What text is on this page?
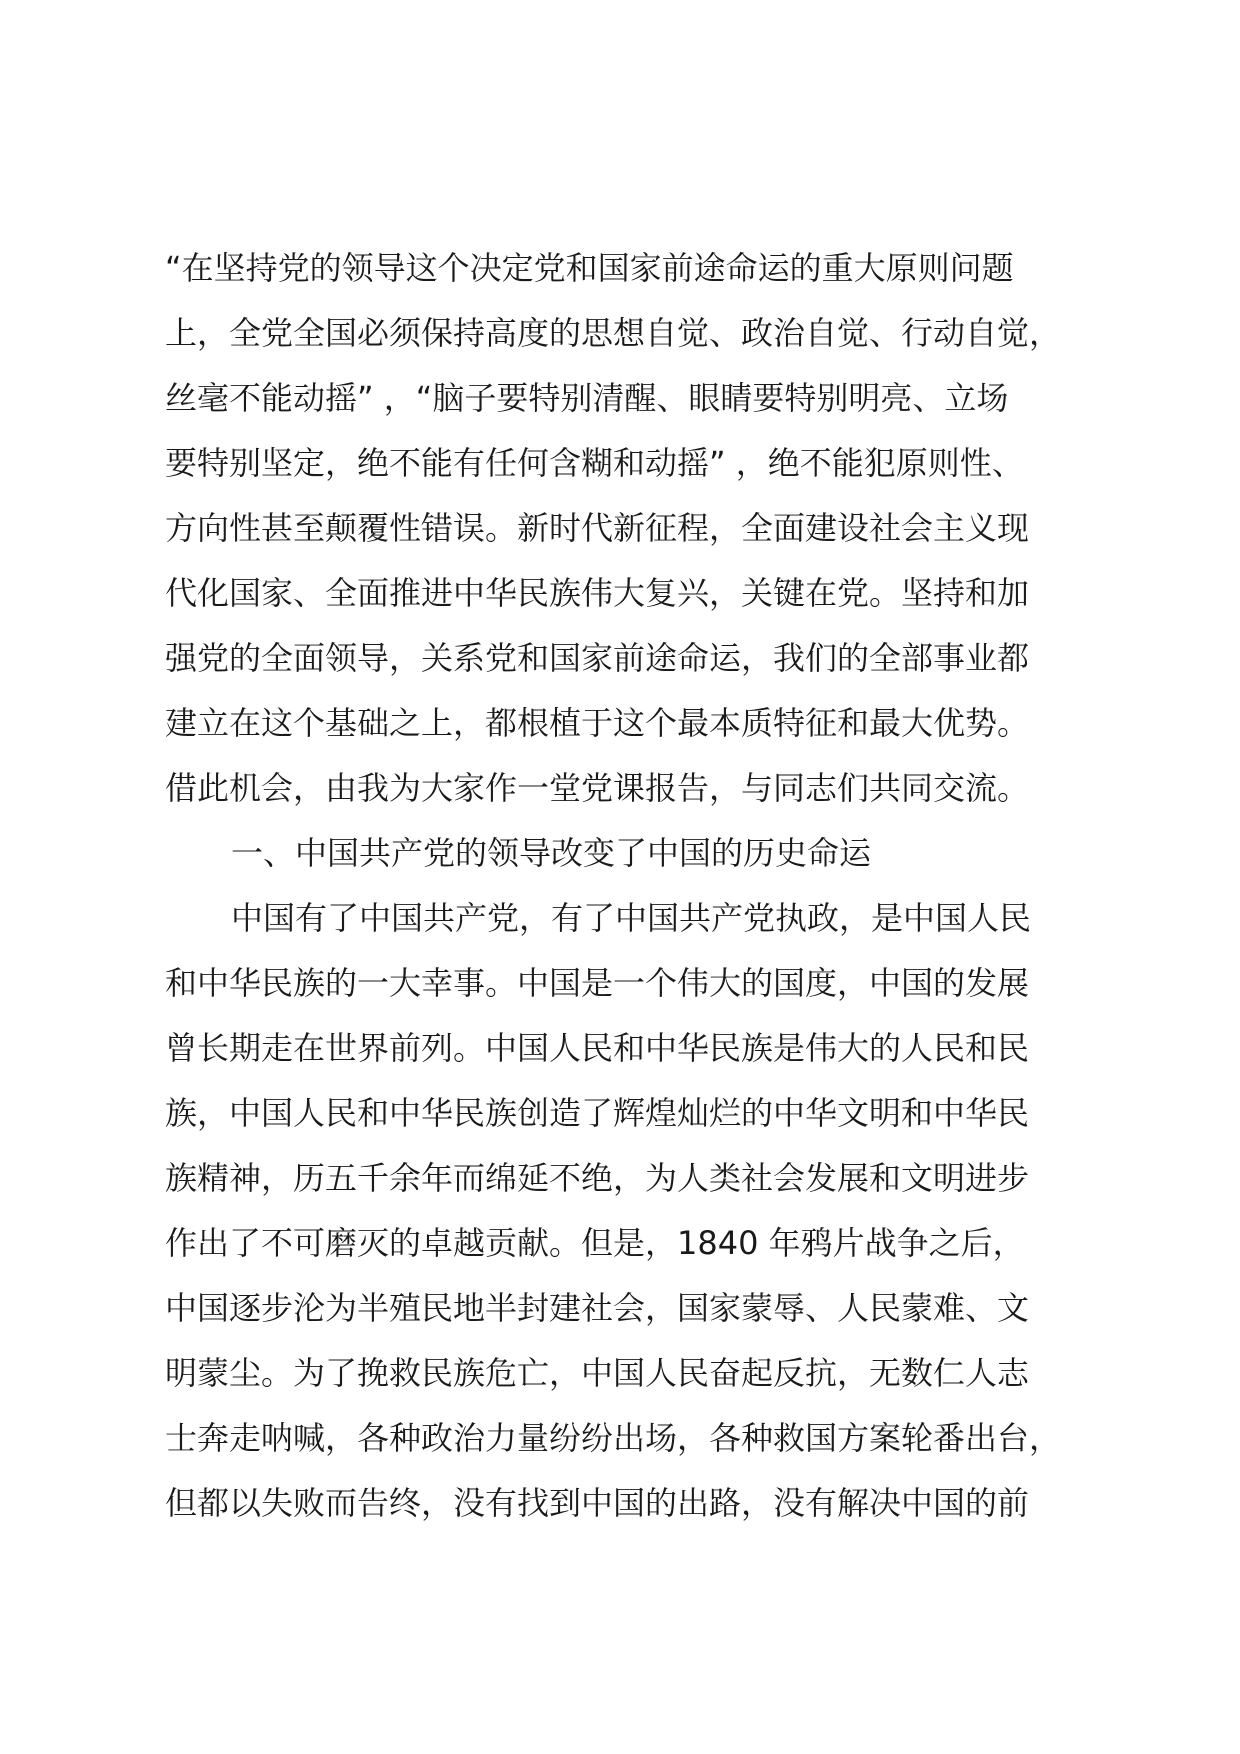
“在坚持党的领导这个决定党和国家前途命运的重大原则问题
上，全党全国必须保持高度的思想自觉、政治自觉、行动自觉，
丝毫不能动摇” ，“脑子要特别清醒、眼睛要特别明亮、立场
要特别坚定，绝不能有任何含糊和动摇” ，绝不能犯原则性、
方向性甚至颠覆性错误。新时代新征程，全面建设社会主义现
代化国家、全面推进中华民族伟大复兴，关键在党。坚持和加
强党的全面领导，关系党和国家前途命运，我们的全部事业都
建立在这个基础之上，都根植于这个最本质特征和最大优势。
借此机会，由我为大家作一堂党课报告，与同志们共同交流。
一、中国共产党的领导改变了中国的历史命运
中国有了中国共产党，有了中国共产党执政，是中国人民
和中华民族的一大幸事。中国是一个伟大的国度，中国的发展
曾长期走在世界前列。中国人民和中华民族是伟大的人民和民
族，中国人民和中华民族创造了辉煌灿烂的中华文明和中华民
族精神，历五千余年而绵延不绝，为人类社会发展和文明进步
作出了不可磨灭的卓越贡献。但是，1840 年鸦片战争之后，
中国逐步沦为半殖民地半封建社会，国家蒙辱、人民蒙难、文
明蒙尘。为了挽救民族危亡，中国人民奋起反抗，无数仁人志
士奔走呐喊，各种政治力量纷纷出场，各种救国方案轮番出台，
但都以失败而告终，没有找到中国的出路，没有解决中国的前
